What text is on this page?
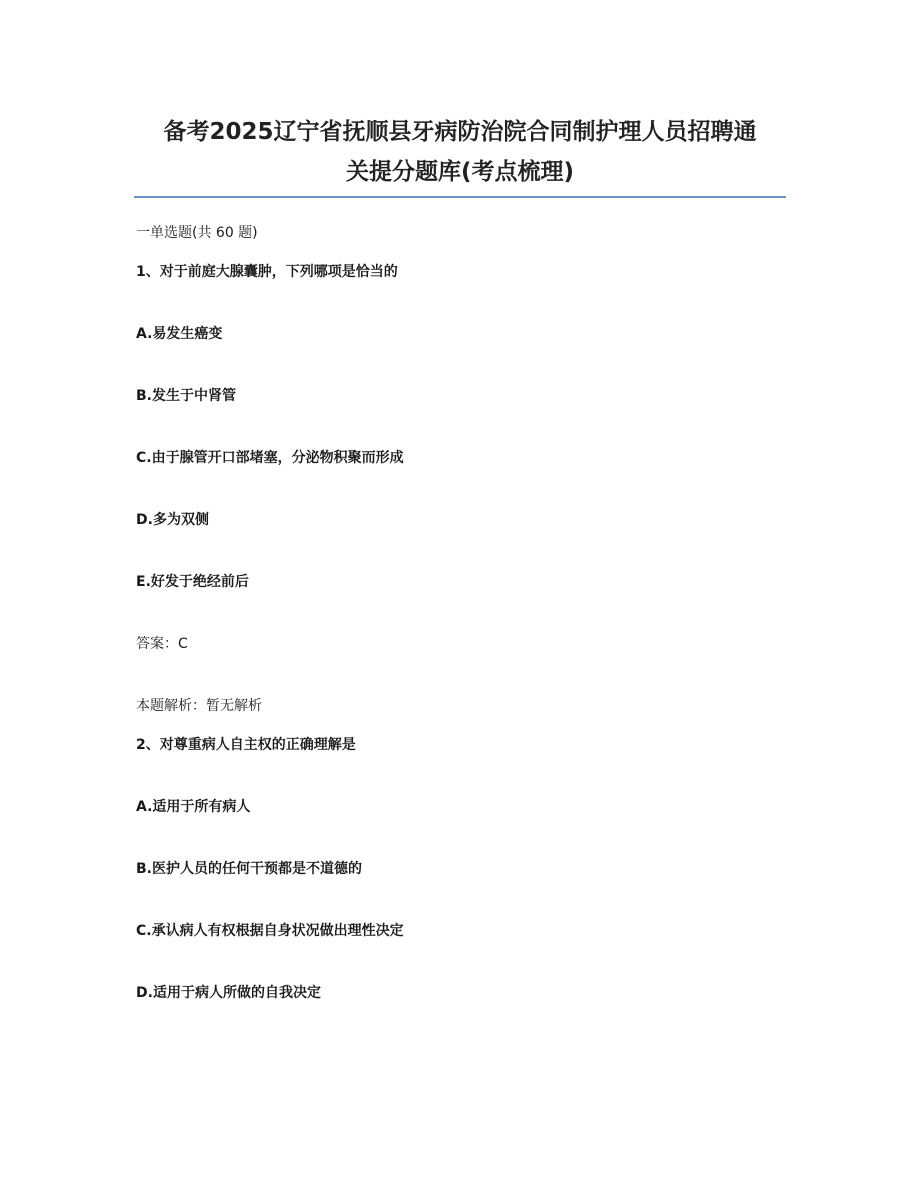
备考2025辽宁省抚顺县牙病防治院合同制护理人员招聘通
关提分题库(考点梳理)
一单选题(共 60 题)
1、对于前庭大腺囊肿，下列哪项是恰当的
A.易发生癌变
B.发生于中肾管
C.由于腺管开口部堵塞，分泌物积聚而形成
D.多为双侧
E.好发于绝经前后
答案：C
本题解析：暂无解析
2、对尊重病人自主权的正确理解是
A.适用于所有病人
B.医护人员的任何干预都是不道德的
C.承认病人有权根据自身状况做出理性决定
D.适用于病人所做的自我决定
